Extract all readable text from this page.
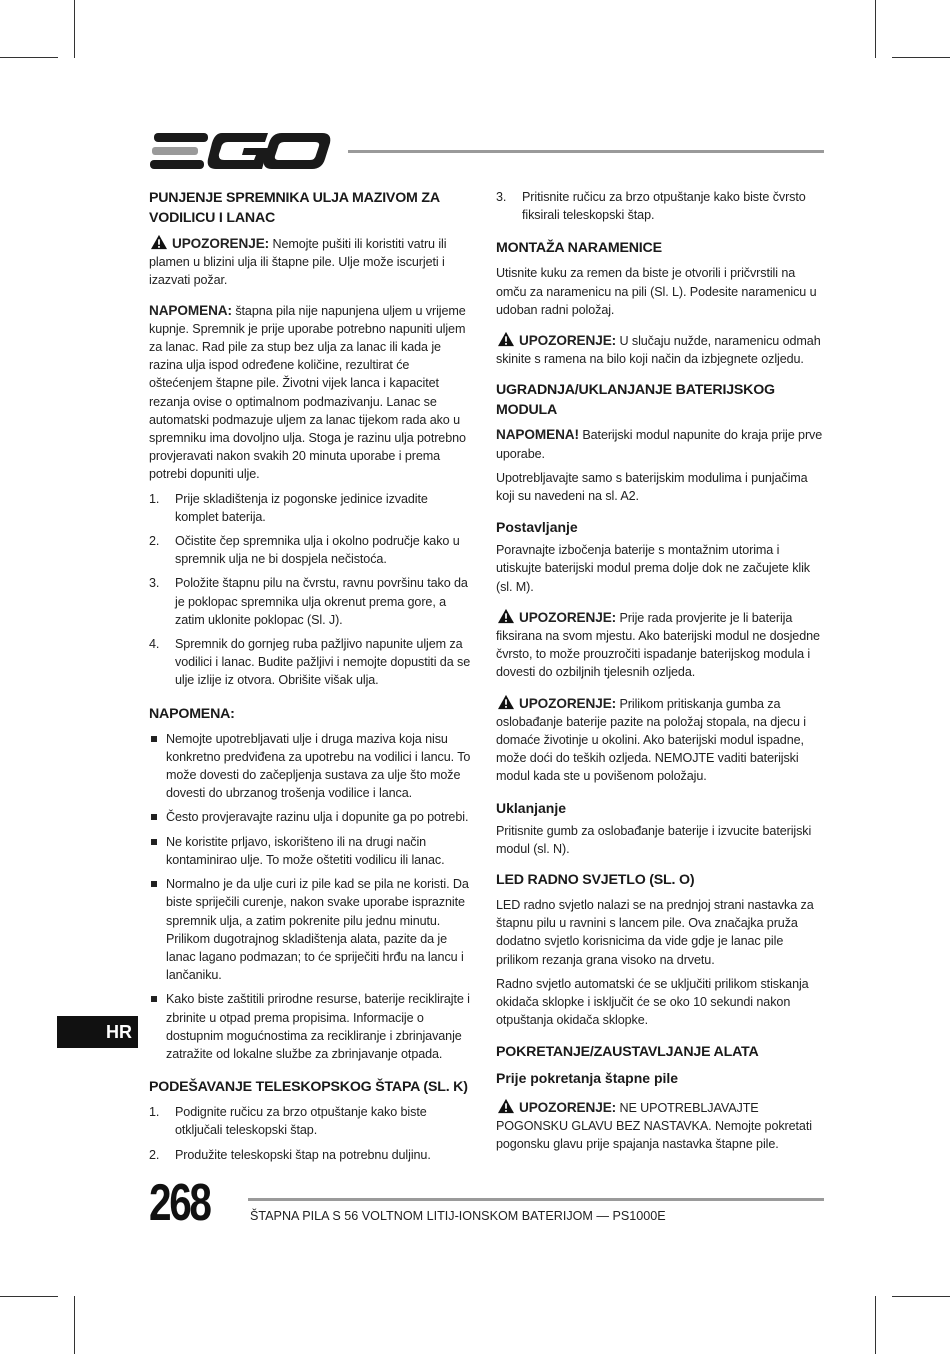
PUNJENJE SPREMNIKA ULJA MAZIVOM ZA VODILICU I LANAC

UPOZORENJE: Nemojte pušiti ili koristiti vatru ili plamen u blizini ulja ili štapne pile. Ulje može iscurjeti i izazvati požar.

NAPOMENA: štapna pila nije napunjena uljem u vrijeme kupnje. Spremnik je prije uporabe potrebno napuniti uljem za lanac. Rad pile za stup bez ulja za lanac ili kada je razina ulja ispod određene količine, rezultirat će oštećenjem štapne pile. Životni vijek lanca i kapacitet rezanja ovise o optimalnom podmazivanju. Lanac se automatski podmazuje uljem za lanac tijekom rada ako u spremniku ima dovoljno ulja. Stoga je razinu ulja potrebno provjeravati nakon svakih 20 minuta uporabe i prema potrebi dopuniti ulje.

1. Prije skladištenja iz pogonske jedinice izvadite komplet baterija.
2. Očistite čep spremnika ulja i okolno područje kako u spremnik ulja ne bi dospjela nečistoća.
3. Položite štapnu pilu na čvrstu, ravnu površinu tako da je poklopac spremnika ulja okrenut prema gore, a zatim uklonite poklopac (Sl. J).
4. Spremnik do gornjeg ruba pažljivo napunite uljem za vodilici i lanac. Budite pažljivi i nemojte dopustiti da se ulje izlije iz otvora. Obrišite višak ulja.
NAPOMENA:
Nemojte upotrebljavati ulje i druga maziva koja nisu konkretno predviđena za upotrebu na vodilici i lancu. To može dovesti do začepljenja sustava za ulje što može dovesti do ubrzanog trošenja vodilice i lanca.
Često provjeravajte razinu ulja i dopunite ga po potrebi.
Ne koristite prljavo, iskorišteno ili na drugi način kontaminirao ulje. To može oštetiti vodilicu ili lanac.
Normalno je da ulje curi iz pile kad se pila ne koristi. Da biste spriječili curenje, nakon svake uporabe ispraznite spremnik ulja, a zatim pokrenite pilu jednu minutu. Prilikom dugotrajnog skladištenja alata, pazite da je lanac lagano podmazan; to će spriječiti hrđu na lancu i lančaniku.
Kako biste zaštitili prirodne resurse, baterije reciklirajte i zbrinite u otpad prema propisima. Informacije o dostupnim mogućnostima za recikliranje i zbrinjavanje zatražite od lokalne službe za zbrinjavanje otpada.
PODEŠAVANJE TELESKOPSKOG ŠTAPA (SL. K)
1. Podignite ručicu za brzo otpuštanje kako biste otključali teleskopski štap.
2. Produžite teleskopski štap na potrebnu duljinu.
3. Pritisnite ručicu za brzo otpuštanje kako biste čvrsto fiksirali teleskopski štap.
MONTAŽA NARAMENICE

Utisnite kuku za remen da biste je otvorili i pričvrstili na omču za naramenicu na pili (Sl. L). Podesite naramenicu u udoban radni položaj.

UPOZORENJE: U slučaju nužde, naramenicu odmah skinite s ramena na bilo koji način da izbjegnete ozljedu.

UGRADNJA/UKLANJANJE BATERIJSKOG MODULA

NAPOMENA! Baterijski modul napunite do kraja prije prve uporabe.

Upotrebljavajte samo s baterijskim modulima i punjačima koji su navedeni na sl. A2.

Postavljanje

Poravnajte izbočenja baterije s montažnim utorima i utiskujte baterijski modul prema dolje dok ne začujete klik (sl. M).

UPOZORENJE: Prije rada provjerite je li baterija fiksirana na svom mjestu. Ako baterijski modul ne dosjedne čvrsto, to može prouzročiti ispadanje baterijskog modula i dovesti do ozbiljnih tjelesnih ozljeda.

UPOZORENJE: Prilikom pritiskanja gumba za oslobađanje baterije pazite na položaj stopala, na djecu i domaće životinje u okolini. Ako baterijski modul ispadne, može doći do teških ozljeda. NEMOJTE vaditi baterijski modul kada ste u povišenom položaju.

Uklanjanje

Pritisnite gumb za oslobađanje baterije i izvucite baterijski modul (sl. N).

LED RADNO SVJETLO (SL. O)

LED radno svjetlo nalazi se na prednjoj strani nastavka za štapnu pilu u ravnini s lancem pile. Ova značajka pruža dodatno svjetlo korisnicima da vide gdje je lanac pile prilikom rezanja grana visoko na drvetu.

Radno svjetlo automatski će se uključiti prilikom stiskanja okidača sklopke i isključit će se oko 10 sekundi nakon otpuštanja okidača sklopke.

POKRETANJE/ZAUSTAVLJANJE ALATA
Prije pokretanja štapne pile

UPOZORENJE: NE UPOTREBLJAVAJTE POGONSKU GLAVU BEZ NASTAVKA. Nemojte pokretati pogonsku glavu prije spajanja nastavka štapne pile.

HR
268	ŠTAPNA PILA S 56 VOLTNOM LITIJ-IONSKOM BATERIJOM — PS1000E
